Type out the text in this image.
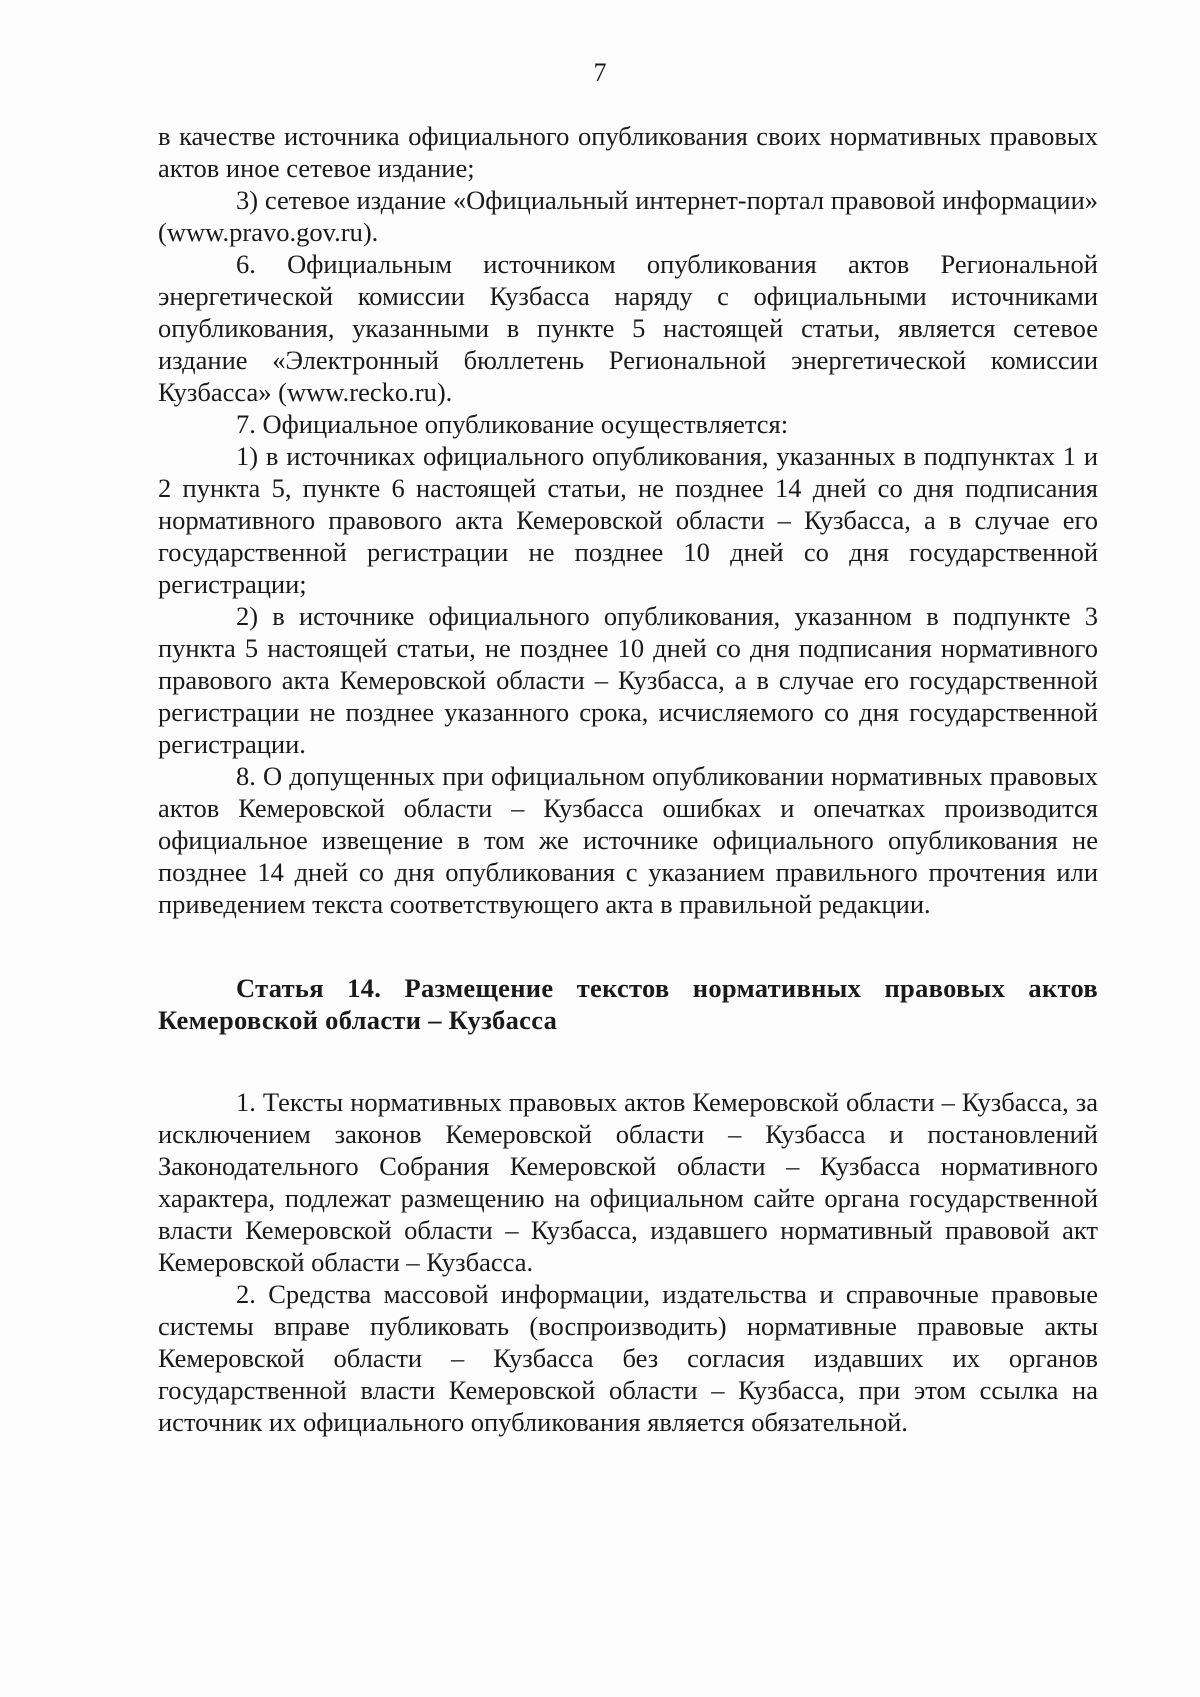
7

в качестве источника официального опубликования своих нормативных правовых актов иное сетевое издание;

3) сетевое издание «Официальный интернет-портал правовой информации» (www.pravo.gov.ru).

6. Официальным источником опубликования актов Региональной энергетической комиссии Кузбасса наряду с официальными источниками опубликования, указанными в пункте 5 настоящей статьи, является сетевое издание «Электронный бюллетень Региональной энергетической комиссии Кузбасса» (www.recko.ru).

7. Официальное опубликование осуществляется:

1) в источниках официального опубликования, указанных в подпунктах 1 и 2 пункта 5, пункте 6 настоящей статьи, не позднее 14 дней со дня подписания нормативного правового акта Кемеровской области – Кузбасса, а в случае его государственной регистрации не позднее 10 дней со дня государственной регистрации;

2) в источнике официального опубликования, указанном в подпункте 3 пункта 5 настоящей статьи, не позднее 10 дней со дня подписания нормативного правового акта Кемеровской области – Кузбасса, а в случае его государственной регистрации не позднее указанного срока, исчисляемого со дня государственной регистрации.

8. О допущенных при официальном опубликовании нормативных правовых актов Кемеровской области – Кузбасса ошибках и опечатках производится официальное извещение в том же источнике официального опубликования не позднее 14 дней со дня опубликования с указанием правильного прочтения или приведением текста соответствующего акта в правильной редакции.

Статья 14. Размещение текстов нормативных правовых актов Кемеровской области – Кузбасса

1. Тексты нормативных правовых актов Кемеровской области – Кузбасса, за исключением законов Кемеровской области – Кузбасса и постановлений Законодательного Собрания Кемеровской области – Кузбасса нормативного характера, подлежат размещению на официальном сайте органа государственной власти Кемеровской области – Кузбасса, издавшего нормативный правовой акт Кемеровской области – Кузбасса.

2. Средства массовой информации, издательства и справочные правовые системы вправе публиковать (воспроизводить) нормативные правовые акты Кемеровской области – Кузбасса без согласия издавших их органов государственной власти Кемеровской области – Кузбасса, при этом ссылка на источник их официального опубликования является обязательной.
